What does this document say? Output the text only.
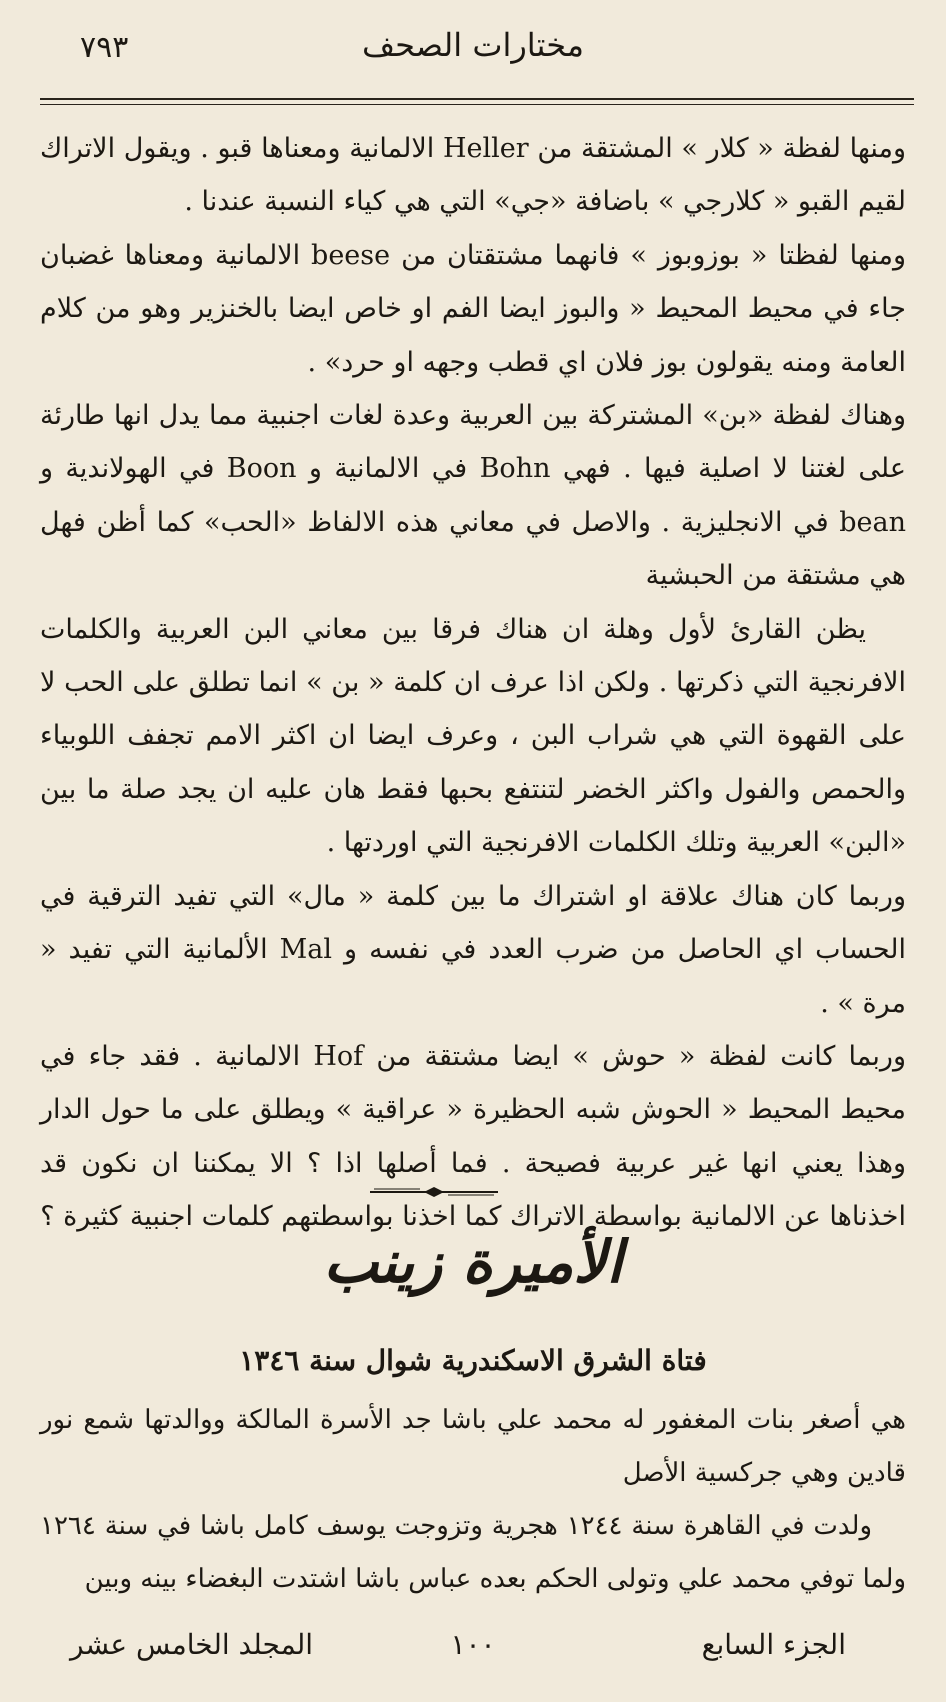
٧٩٣	مختارات الصحف

ومنها لفظة « كلار » المشتقة من Heller الالمانية ومعناها قبو . ويقول الاتراك لقيم القبو « كلارجي » باضافة «جي» التي هي كياء النسبة عندنا .

ومنها لفظتا « بوزوبوز » فانهما مشتقتان من beese الالمانية ومعناها غضبان جاء في محيط المحيط « والبوز ايضا الفم او خاص ايضا بالخنزير وهو من كلام العامة ومنه يقولون بوز فلان اي قطب وجهه او حرد» .

وهناك لفظة «بن» المشتركة بين العربية وعدة لغات اجنبية مما يدل انها طارئة على لغتنا لا اصلية فيها . فهي Bohn في الالمانية و Boon في الهولاندية و bean في الانجليزية . والاصل في معاني هذه الالفاظ «الحب» كما أظن فهل هي مشتقة من الحبشية

يظن القارئ لأول وهلة ان هناك فرقا بين معاني البن العربية والكلمات الافرنجية التي ذكرتها . ولكن اذا عرف ان كلمة « بن » انما تطلق على الحب لا على القهوة التي هي شراب البن ، وعرف ايضا ان اكثر الامم تجفف اللوبياء والحمص والفول واكثر الخضر لتنتفع بحبها فقط هان عليه ان يجد صلة ما بين «البن» العربية وتلك الكلمات الافرنجية التي اوردتها .

وربما كان هناك علاقة او اشتراك ما بين كلمة « مال» التي تفيد الترقية في الحساب اي الحاصل من ضرب العدد في نفسه و Mal الألمانية التي تفيد « مرة » .

وربما كانت لفظة « حوش » ايضا مشتقة من Hof الالمانية . فقد جاء في محيط المحيط « الحوش شبه الحظيرة « عراقية » ويطلق على ما حول الدار وهذا يعني انها غير عربية فصيحة . فما أصلها اذا ؟ الا يمكننا ان نكون قد اخذناها عن الالمانية بواسطة الاتراك كما اخذنا بواسطتهم كلمات اجنبية كثيرة ؟

الأميرة زينب
فتاة الشرق الاسكندرية شوال سنة ١٣٤٦

هي أصغر بنات المغفور له محمد علي باشا جد الأسرة المالكة ووالدتها شمع نور قادين وهي جركسية الأصل

ولدت في القاهرة سنة ١٢٤٤ هجرية وتزوجت يوسف كامل باشا في سنة ١٢٦٤ ولما توفي محمد علي وتولى الحكم بعده عباس باشا اشتدت البغضاء بينه وبين

الجزء السابع
١٠٠
المجلد الخامس عشر
